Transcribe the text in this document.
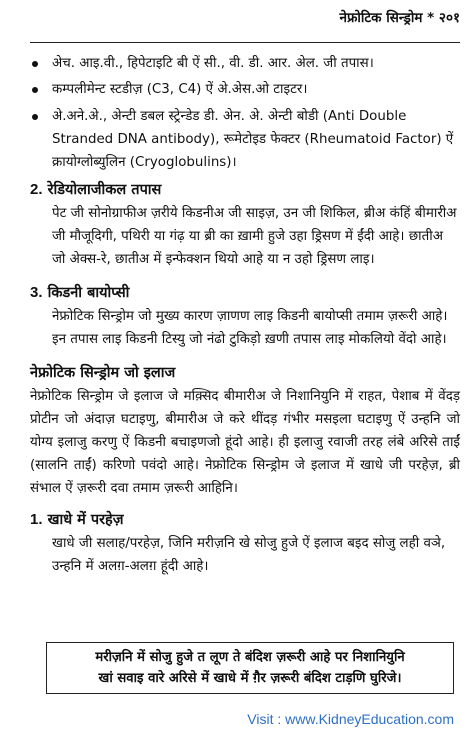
नेफ्रोटिक सिन्ड्रोम * २०१
अेच. आइ.वी., हिपेटाइटि बी ऐं सी., वी. डी. आर. अेल. जी तपास।
कम्पलीमेन्ट स्टडीज़ (C3, C4) ऐं अे.अेस.ओ टाइटर।
अे.अने.अे., अेन्टी डबल स्ट्रेन्डेड डी. अेन. अे. अेन्टी बोडी (Anti Double Stranded DNA antibody), रूमेटोइड फेक्टर (Rheumatoid Factor) ऐं क्रायोग्लोब्युलिन (Cryoglobulins)।
2. रेडियोलाजीकल तपास
पेट जी सोनोग्राफीअ ज़रीये किडनीअ जी साइज़, उन जी शिकिल, ब्रीअ कंहिं बीमारीअ जी मौजूदिगी, पथिरी या गंढ़ या ब्री का ख़ामी हुजे उहा ड्रिसण में ईंदी आहे। छातीअ जो अेक्स-रे, छातीअ में इन्फेक्शन थियो आहे या न उहो ड्रिसण लाइ।
3. किडनी बायोप्सी
नेफ्रोटिक सिन्ड्रोम जो मुख्य कारण ज़ाणण लाइ किडनी बायोप्सी तमाम ज़रूरी आहे। इन तपास लाइ किडनी टिस्यु जो नंढो टुकिड़ो ख़णी तपास लाइ मोकलियो वेंदो आहे।
नेफ्रोटिक सिन्ड्रोम जो इलाज
नेफ्रोटिक सिन्ड्रोम जे इलाज जे मक़्सिद बीमारीअ जे निशानियुनि में राहत, पेशाब में वेंदड़ प्रोटीन जो अंदाज़ घटाइणु, बीमारीअ जे करे थींदड़ गंभीर मसइला घटाइणु ऐं उन्हनि जो योग्य इलाजु करणु ऐं किडनी बचाइणजो हूंदो आहे। ही इलाजु रवाजी तरह लंबे अरिसे ताईं (सालनि ताईं) करिणो पवंदो आहे। नेफ्रोटिक सिन्ड्रोम जे इलाज में खाधे जी परहेज़, ब्री संभाल ऐं ज़रूरी दवा तमाम ज़रूरी आहिनि।
1. खाधे में परहेज़
खाधे जी सलाह/परहेज़, जिनि मरीज़नि खे सोजु हुजे ऐं इलाज बइद सोजु लही वञे, उन्हनि में अलग़-अलग़ हूंदी आहे।
मरीज़नि में सोजु हुजे त लूण ते बंदिश ज़रूरी आहे पर निशानियुनि
खां सवाइ वारे अरिसे में खाधे में ग़ैर ज़रूरी बंदिश टाड़णि घुरिजे।
Visit : www.KidneyEducation.com
